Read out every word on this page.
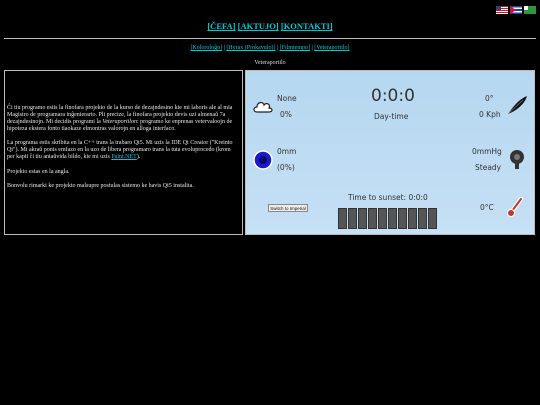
[ČEFA] [AKTUJO] [KONTAKTI]
[Koloroloĝo] | [Hyrax (Prokavulo)] | [Filmtempo] | [Veteraportilo]
Veteraportilo

Ĉi tiu programo estis la finofara projekto de la kurso de dezajndesino kie mi laboris ale al mia Magistro de programara inĝenierarto. Pli precize, la finofara projekto devis uzi almenaŭ 7a dezajndesinojn. Mi decidis programi la Veteraportilon: programo ke enprenas vetervaloojn de hipoteza ekstera fonto tiaokaze elmontras valorojn en alloga interfaco.

La programa estis skribita en la C++ trans la trabaro Qt5. Mi uzis la IDE Qt Creator ("Kreinto Qt"). Mi akraŭ ponis emfazo en la uzo de libera programaro trans la tuta evoluprocedo (krom per kapti ĉi tiu antaŭvida bildo, kie mi uzis Paint.NET).

Projekto estas en la angla.

Bonvolu rimarki ke projekto malsupre postulas sistemo ke havis Qt5 instalita.

None
0%
0:0:0
Day-time
0°
0 Kph
0mm
(0%)
0mmHg
Steady
Time to sunset: 0:0:0
Switch to Imperial	0°C
